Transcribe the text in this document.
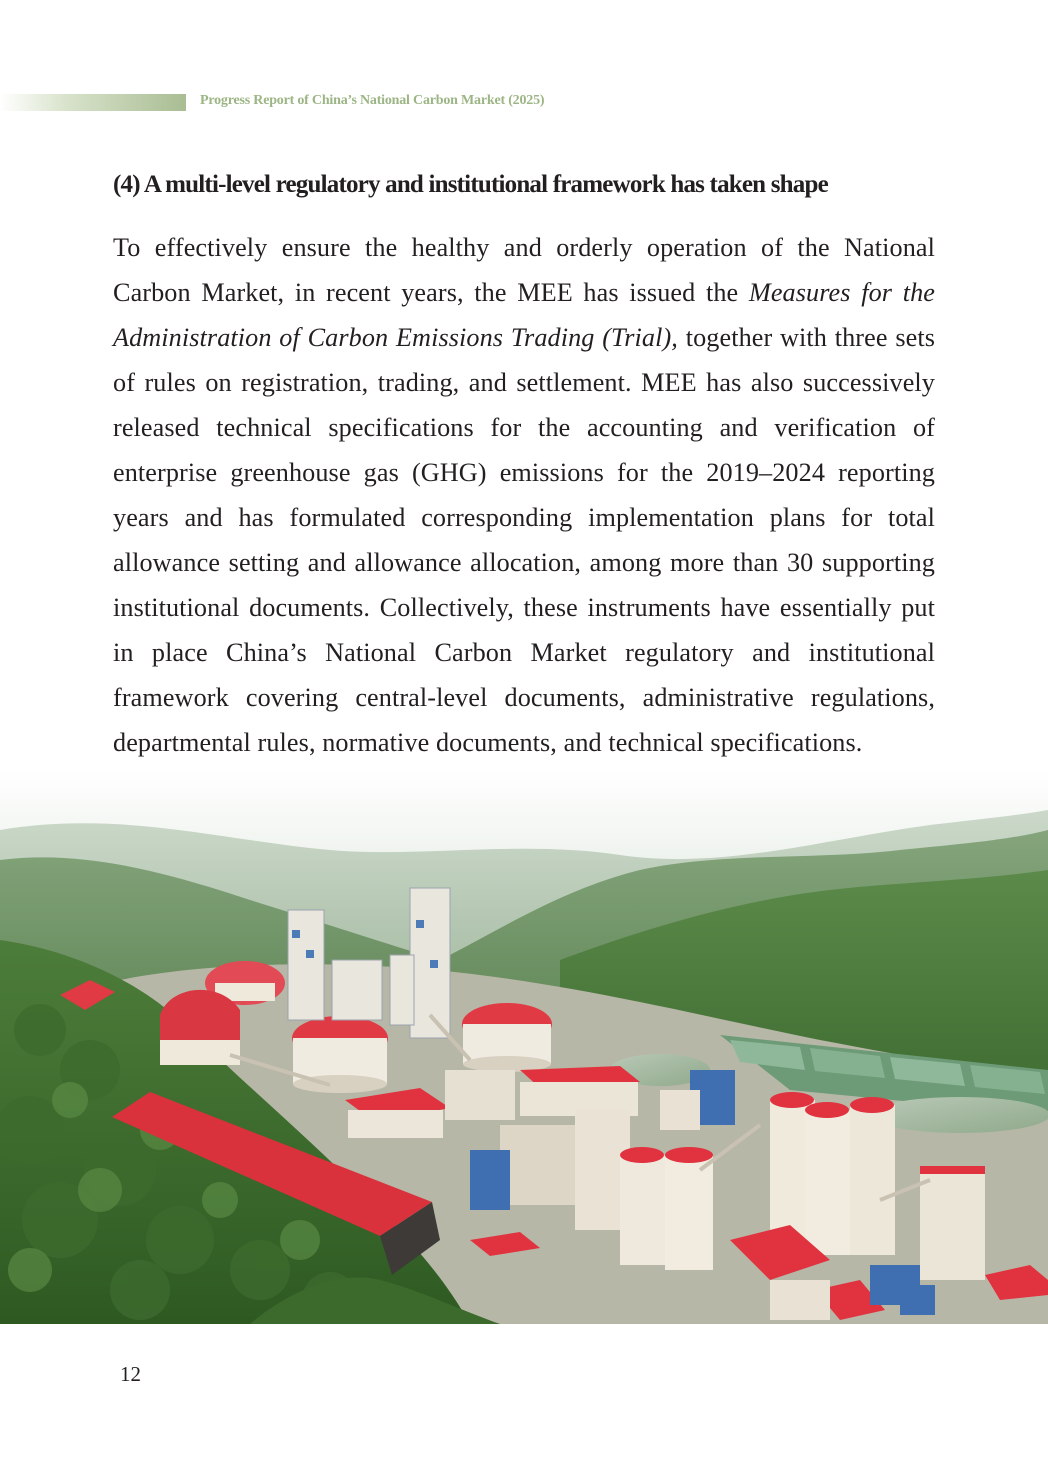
Progress Report of China’s National Carbon Market (2025)
(4) A multi-level regulatory and institutional framework has taken shape

To effectively ensure the healthy and orderly operation of the National Carbon Market, in recent years, the MEE has issued the Measures for the Administration of Carbon Emissions Trading (Trial), together with three sets of rules on registration, trading, and settlement. MEE has also successively released technical specifications for the accounting and verification of enterprise greenhouse gas (GHG) emissions for the 2019–2024 reporting years and has formulated corresponding implementation plans for total allowance setting and allowance allocation, among more than 30 supporting institutional documents. Collectively, these instruments have essentially put in place China’s National Carbon Market regulatory and institutional framework covering central-level documents, administrative regulations, departmental rules, normative documents, and technical specifications.

12
